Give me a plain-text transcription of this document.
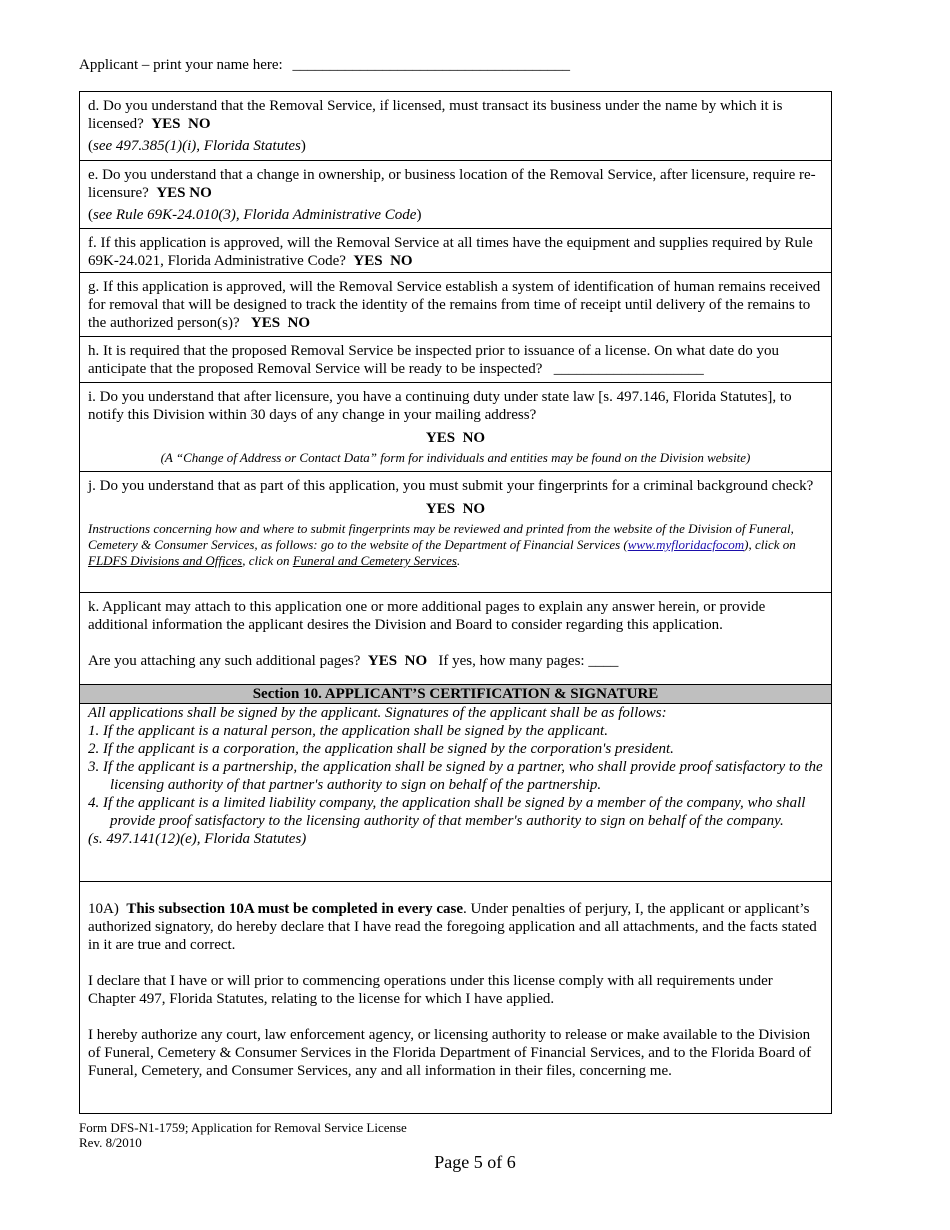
Applicant – print your name here: _____________________________________

d. Do you understand that the Removal Service, if licensed, must transact its business under the name by which it is licensed? YES NO

(see 497.385(1)(i), Florida Statutes)

e. Do you understand that a change in ownership, or business location of the Removal Service, after licensure, require re-licensure? YES NO

(see Rule 69K-24.010(3), Florida Administrative Code)

f. If this application is approved, will the Removal Service at all times have the equipment and supplies required by Rule 69K-24.021, Florida Administrative Code? YES NO

g. If this application is approved, will the Removal Service establish a system of identification of human remains received for removal that will be designed to track the identity of the remains from time of receipt until delivery of the remains to the authorized person(s)? YES NO

h. It is required that the proposed Removal Service be inspected prior to issuance of a license. On what date do you anticipate that the proposed Removal Service will be ready to be inspected? ____________________

i. Do you understand that after licensure, you have a continuing duty under state law [s. 497.146, Florida Statutes], to notify this Division within 30 days of any change in your mailing address?

YES NO

(A “Change of Address or Contact Data” form for individuals and entities may be found on the Division website)

j. Do you understand that as part of this application, you must submit your fingerprints for a criminal background check?

YES NO

Instructions concerning how and where to submit fingerprints may be reviewed and printed from the website of the Division of Funeral, Cemetery & Consumer Services, as follows: go to the website of the Department of Financial Services (www.myfloridacfocom), click on FLDFS Divisions and Offices, click on Funeral and Cemetery Services.

k. Applicant may attach to this application one or more additional pages to explain any answer herein, or provide additional information the applicant desires the Division and Board to consider regarding this application.

Are you attaching any such additional pages? YES NO If yes, how many pages: ____

Section 10. APPLICANT’S CERTIFICATION & SIGNATURE
All applications shall be signed by the applicant. Signatures of the applicant shall be as follows:
1. If the applicant is a natural person, the application shall be signed by the applicant.
2. If the applicant is a corporation, the application shall be signed by the corporation's president.
3. If the applicant is a partnership, the application shall be signed by a partner, who shall provide proof satisfactory to the licensing authority of that partner's authority to sign on behalf of the partnership.
4. If the applicant is a limited liability company, the application shall be signed by a member of the company, who shall provide proof satisfactory to the licensing authority of that member's authority to sign on behalf of the company.
(s. 497.141(12)(e), Florida Statutes)

10A) This subsection 10A must be completed in every case. Under penalties of perjury, I, the applicant or applicant’s authorized signatory, do hereby declare that I have read the foregoing application and all attachments, and the facts stated in it are true and correct.

I declare that I have or will prior to commencing operations under this license comply with all requirements under Chapter 497, Florida Statutes, relating to the license for which I have applied.

I hereby authorize any court, law enforcement agency, or licensing authority to release or make available to the Division of Funeral, Cemetery & Consumer Services in the Florida Department of Financial Services, and to the Florida Board of Funeral, Cemetery, and Consumer Services, any and all information in their files, concerning me.

Form DFS-N1-1759; Application for Removal Service License
Rev. 8/2010
Page 5 of 6
